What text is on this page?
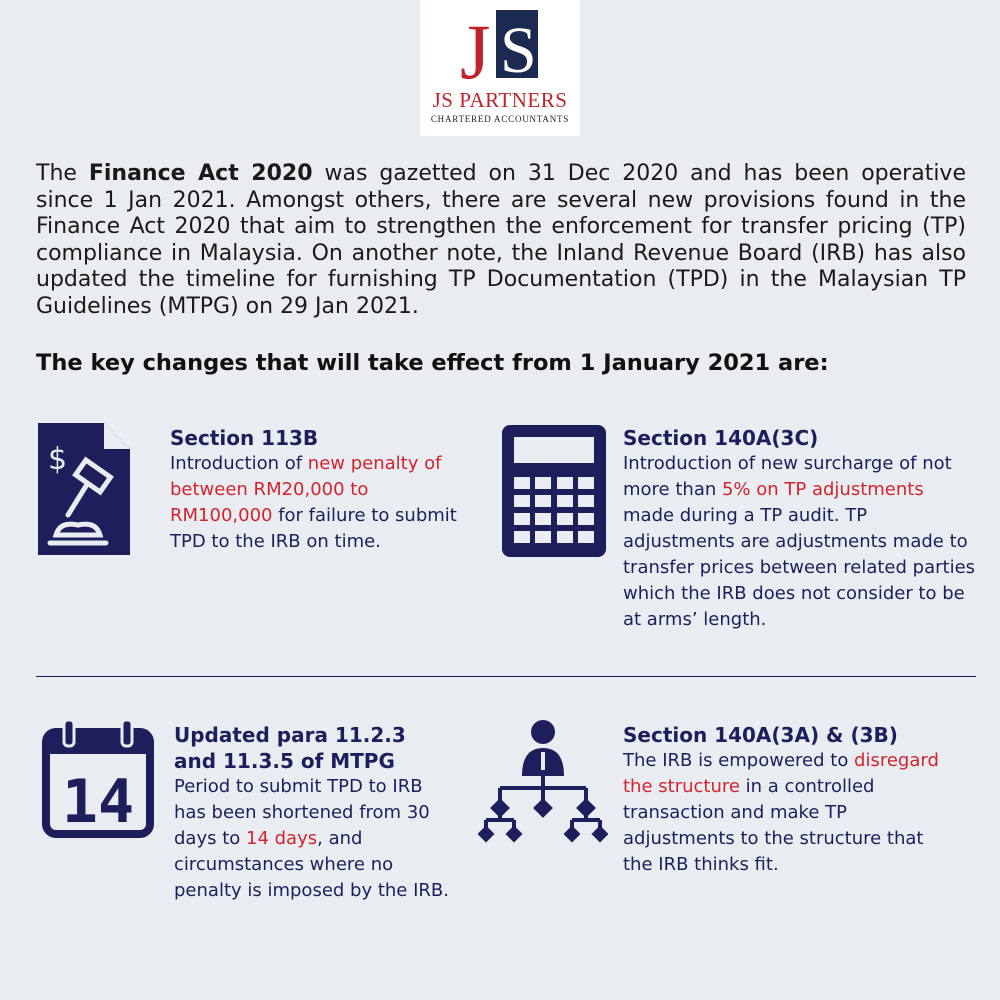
J S
JS PARTNERS
CHARTERED ACCOUNTANTS
The Finance Act 2020 was gazetted on 31 Dec 2020 and has been operative since 1 Jan 2021. Amongst others, there are several new provisions found in the Finance Act 2020 that aim to strengthen the enforcement for transfer pricing (TP) compliance in Malaysia. On another note, the Inland Revenue Board (IRB) has also updated the timeline for furnishing TP Documentation (TPD) in the Malaysian TP Guidelines (MTPG) on 29 Jan 2021.
The key changes that will take effect from 1 January 2021 are:
$
Section 113B
Introduction of new penalty of between RM20,000 to RM100,000 for failure to submit TPD to the IRB on time.
Section 140A(3C)
Introduction of new surcharge of not more than 5% on TP adjustments made during a TP audit. TP adjustments are adjustments made to transfer prices between related parties which the IRB does not consider to be at arms’ length.
14
Updated para 11.2.3 and 11.3.5 of MTPG
Period to submit TPD to IRB has been shortened from 30 days to 14 days, and circumstances where no penalty is imposed by the IRB.
Section 140A(3A) & (3B)
The IRB is empowered to disregard the structure in a controlled transaction and make TP adjustments to the structure that the IRB thinks fit.
